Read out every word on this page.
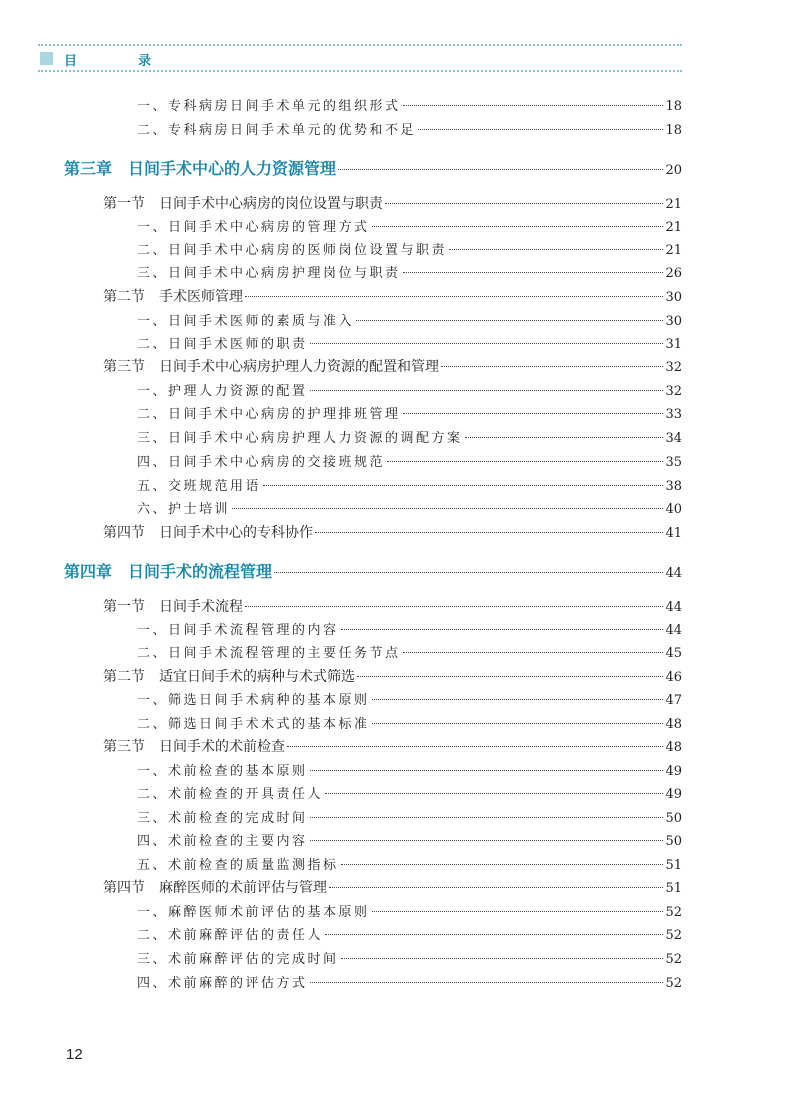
目　录
一、专科病房日间手术单元的组织形式	18
二、专科病房日间手术单元的优势和不足	18
第三章　日间手术中心的人力资源管理	20
第一节　日间手术中心病房的岗位设置与职责	21
一、日间手术中心病房的管理方式	21
二、日间手术中心病房的医师岗位设置与职责	21
三、日间手术中心病房护理岗位与职责	26
第二节　手术医师管理	30
一、日间手术医师的素质与准入	30
二、日间手术医师的职责	31
第三节　日间手术中心病房护理人力资源的配置和管理	32
一、护理人力资源的配置	32
二、日间手术中心病房的护理排班管理	33
三、日间手术中心病房护理人力资源的调配方案	34
四、日间手术中心病房的交接班规范	35
五、交班规范用语	38
六、护士培训	40
第四节　日间手术中心的专科协作	41
第四章　日间手术的流程管理	44
第一节　日间手术流程	44
一、日间手术流程管理的内容	44
二、日间手术流程管理的主要任务节点	45
第二节　适宜日间手术的病种与术式筛选	46
一、筛选日间手术病种的基本原则	47
二、筛选日间手术术式的基本标准	48
第三节　日间手术的术前检查	48
一、术前检查的基本原则	49
二、术前检查的开具责任人	49
三、术前检查的完成时间	50
四、术前检查的主要内容	50
五、术前检查的质量监测指标	51
第四节　麻醉医师的术前评估与管理	51
一、麻醉医师术前评估的基本原则	52
二、术前麻醉评估的责任人	52
三、术前麻醉评估的完成时间	52
四、术前麻醉的评估方式	52
12
